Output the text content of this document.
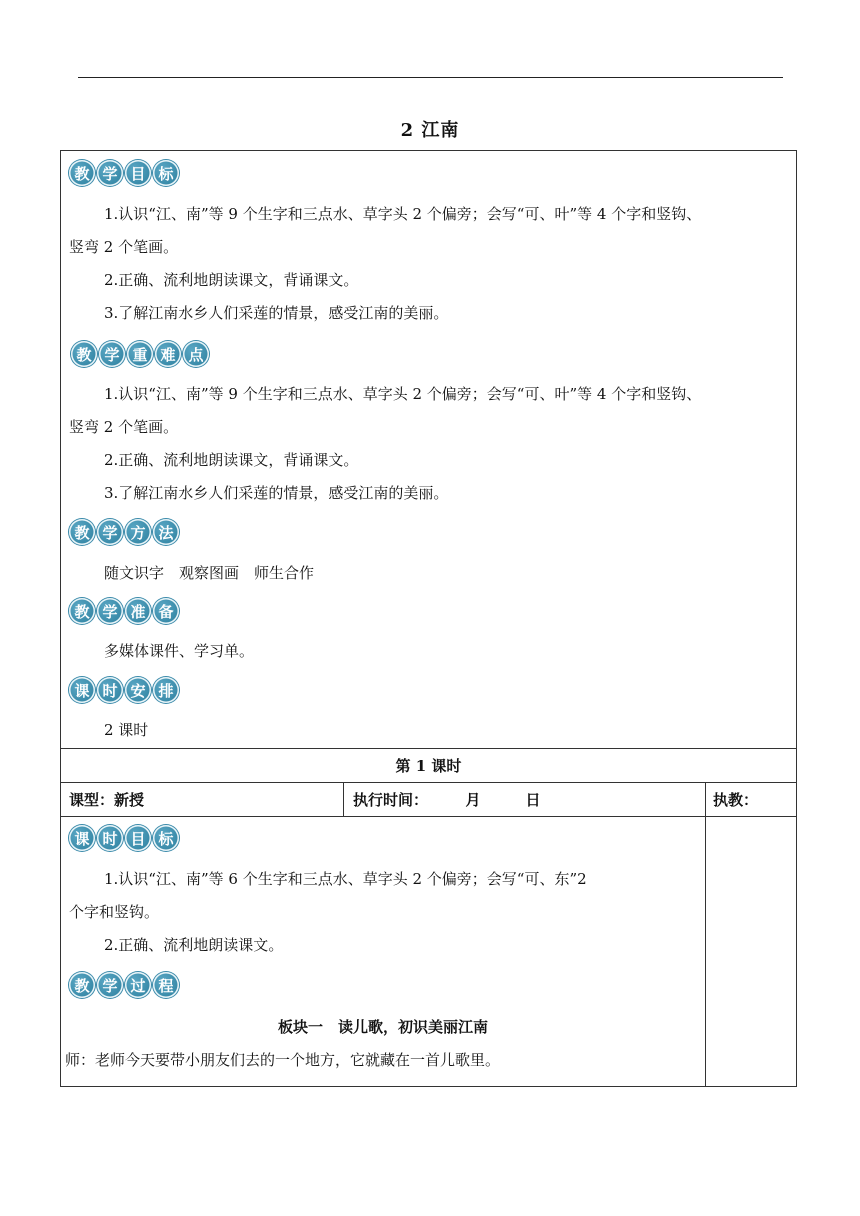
2 江南
教 学 目 标
1.认识“江、南”等 9 个生字和三点水、草字头 2 个偏旁；会写“可、叶”等 4 个字和竖钩、
竖弯 2 个笔画。
2.正确、流利地朗读课文，背诵课文。
3.了解江南水乡人们采莲的情景，感受江南的美丽。
教 学 重 难 点
1.认识“江、南”等 9 个生字和三点水、草字头 2 个偏旁；会写“可、叶”等 4 个字和竖钩、
竖弯 2 个笔画。
2.正确、流利地朗读课文，背诵课文。
3.了解江南水乡人们采莲的情景，感受江南的美丽。
教 学 方 法
随文识字　观察图画　师生合作
教 学 准 备
多媒体课件、学习单。
课 时 安 排
2 课时
第 1 课时
课型：新授	执行时间：　　　月　　　日	执教：
课 时 目 标
1.认识“江、南”等 6 个生字和三点水、草字头 2 个偏旁；会写“可、东”2
个字和竖钩。
2.正确、流利地朗读课文。
教 学 过 程
板块一　读儿歌，初识美丽江南
师：老师今天要带小朋友们去的一个地方，它就藏在一首儿歌里。
